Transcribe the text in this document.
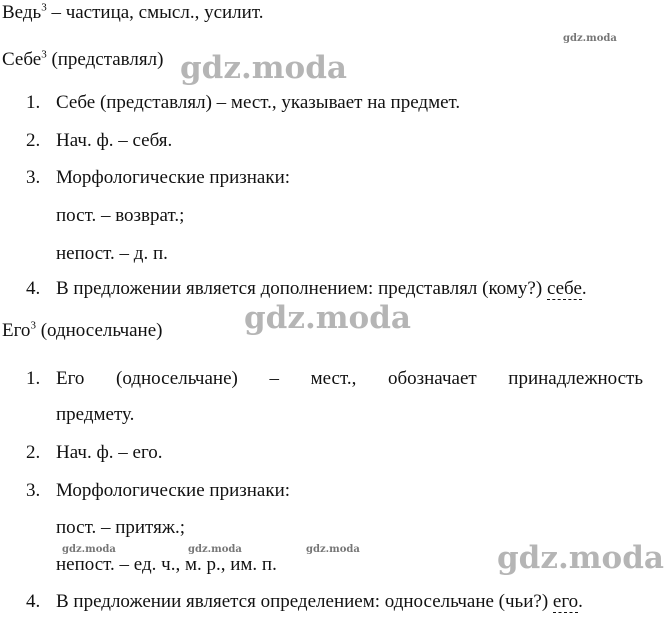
Ведь$^3$ – частица, смысл., усилит.
Себе$^3$ (представлял)
1. Себе (представлял) – мест., указывает на предмет.
2. Нач. ф. – себя.
3. Морфологические признаки:
пост. – возврат.;
непост. – д. п.
4. В предложении является дополнением: представлял (кому?) себе.
Его$^3$ (односельчане)
1. Его (односельчане) – мест., обозначает принадлежность
предмету.
2. Нач. ф. – его.
3. Морфологические признаки:
пост. – притяж.;
непост. – ед. ч., м. р., им. п.
4. В предложении является определением: односельчане (чьи?) его.
gdz.moda
gdz.moda
gdz.moda
gdz.moda	gdz.moda	gdz.moda	gdz.moda
